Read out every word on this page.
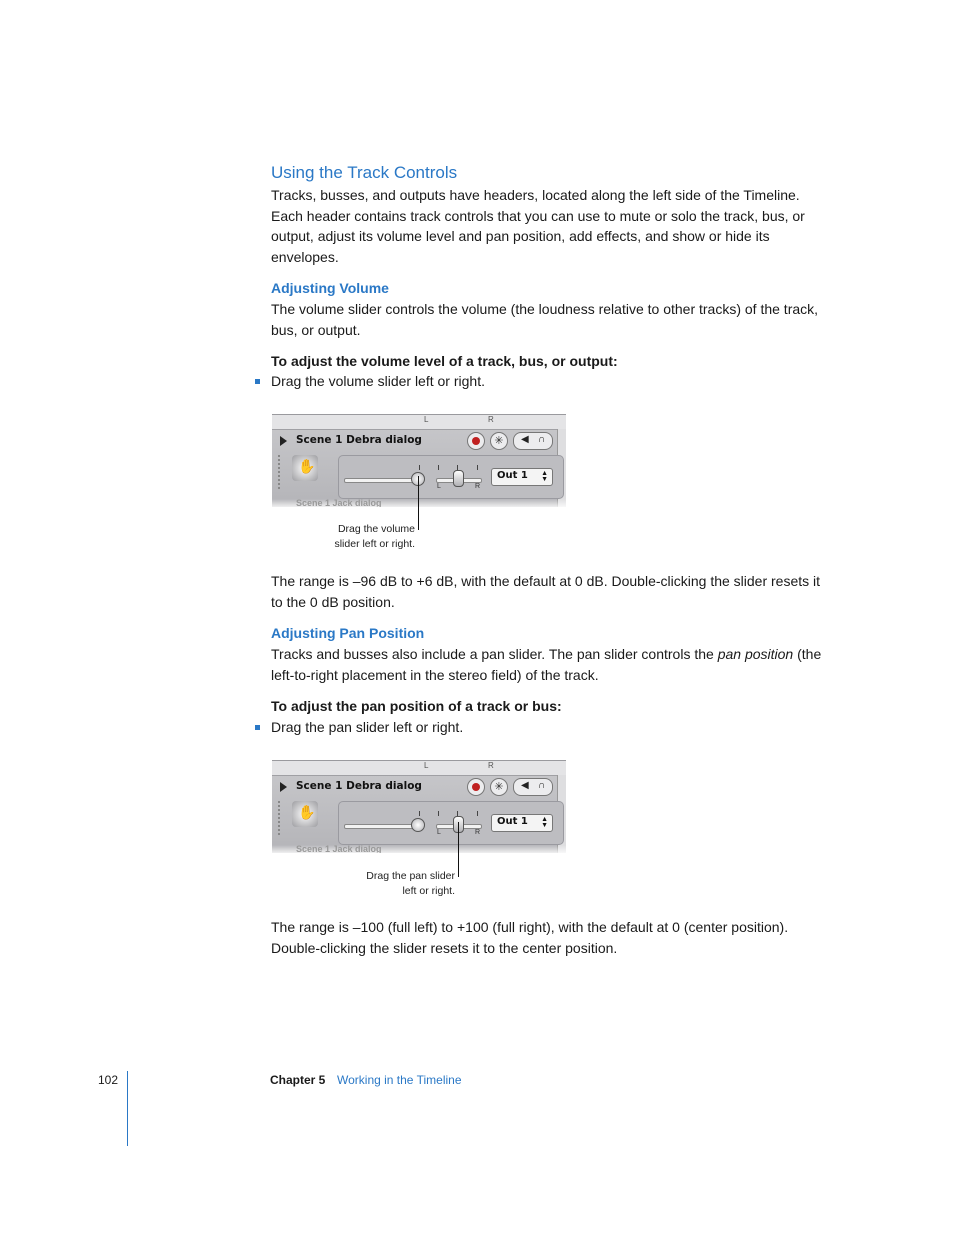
Using the Track Controls
Tracks, busses, and outputs have headers, located along the left side of the Timeline. Each header contains track controls that you can use to mute or solo the track, bus, or output, adjust its volume level and pan position, add effects, and show or hide its envelopes.
Adjusting Volume
The volume slider controls the volume (the loudness relative to other tracks) of the track, bus, or output.
To adjust the volume level of a track, bus, or output:
Drag the volume slider left or right.
L	R
Scene 1 Debra dialog	✳	◀ ∩
✋
L	R
Out 1 ▲
▼
Scene 1 Jack dialog
Drag the volume
slider left or right.
The range is –96 dB to +6 dB, with the default at 0 dB. Double-clicking the slider resets it to the 0 dB position.
Adjusting Pan Position
Tracks and busses also include a pan slider. The pan slider controls the pan position (the left-to-right placement in the stereo field) of the track.
To adjust the pan position of a track or bus:
Drag the pan slider left or right.
L	R
Scene 1 Debra dialog	✳	◀ ∩
✋
L	R
Out 1 ▲
▼
Scene 1 Jack dialog
Drag the pan slider
left or right.
The range is –100 (full left) to +100 (full right), with the default at 0 (center position). Double-clicking the slider resets it to the center position.
102	Chapter 5 Working in the Timeline
